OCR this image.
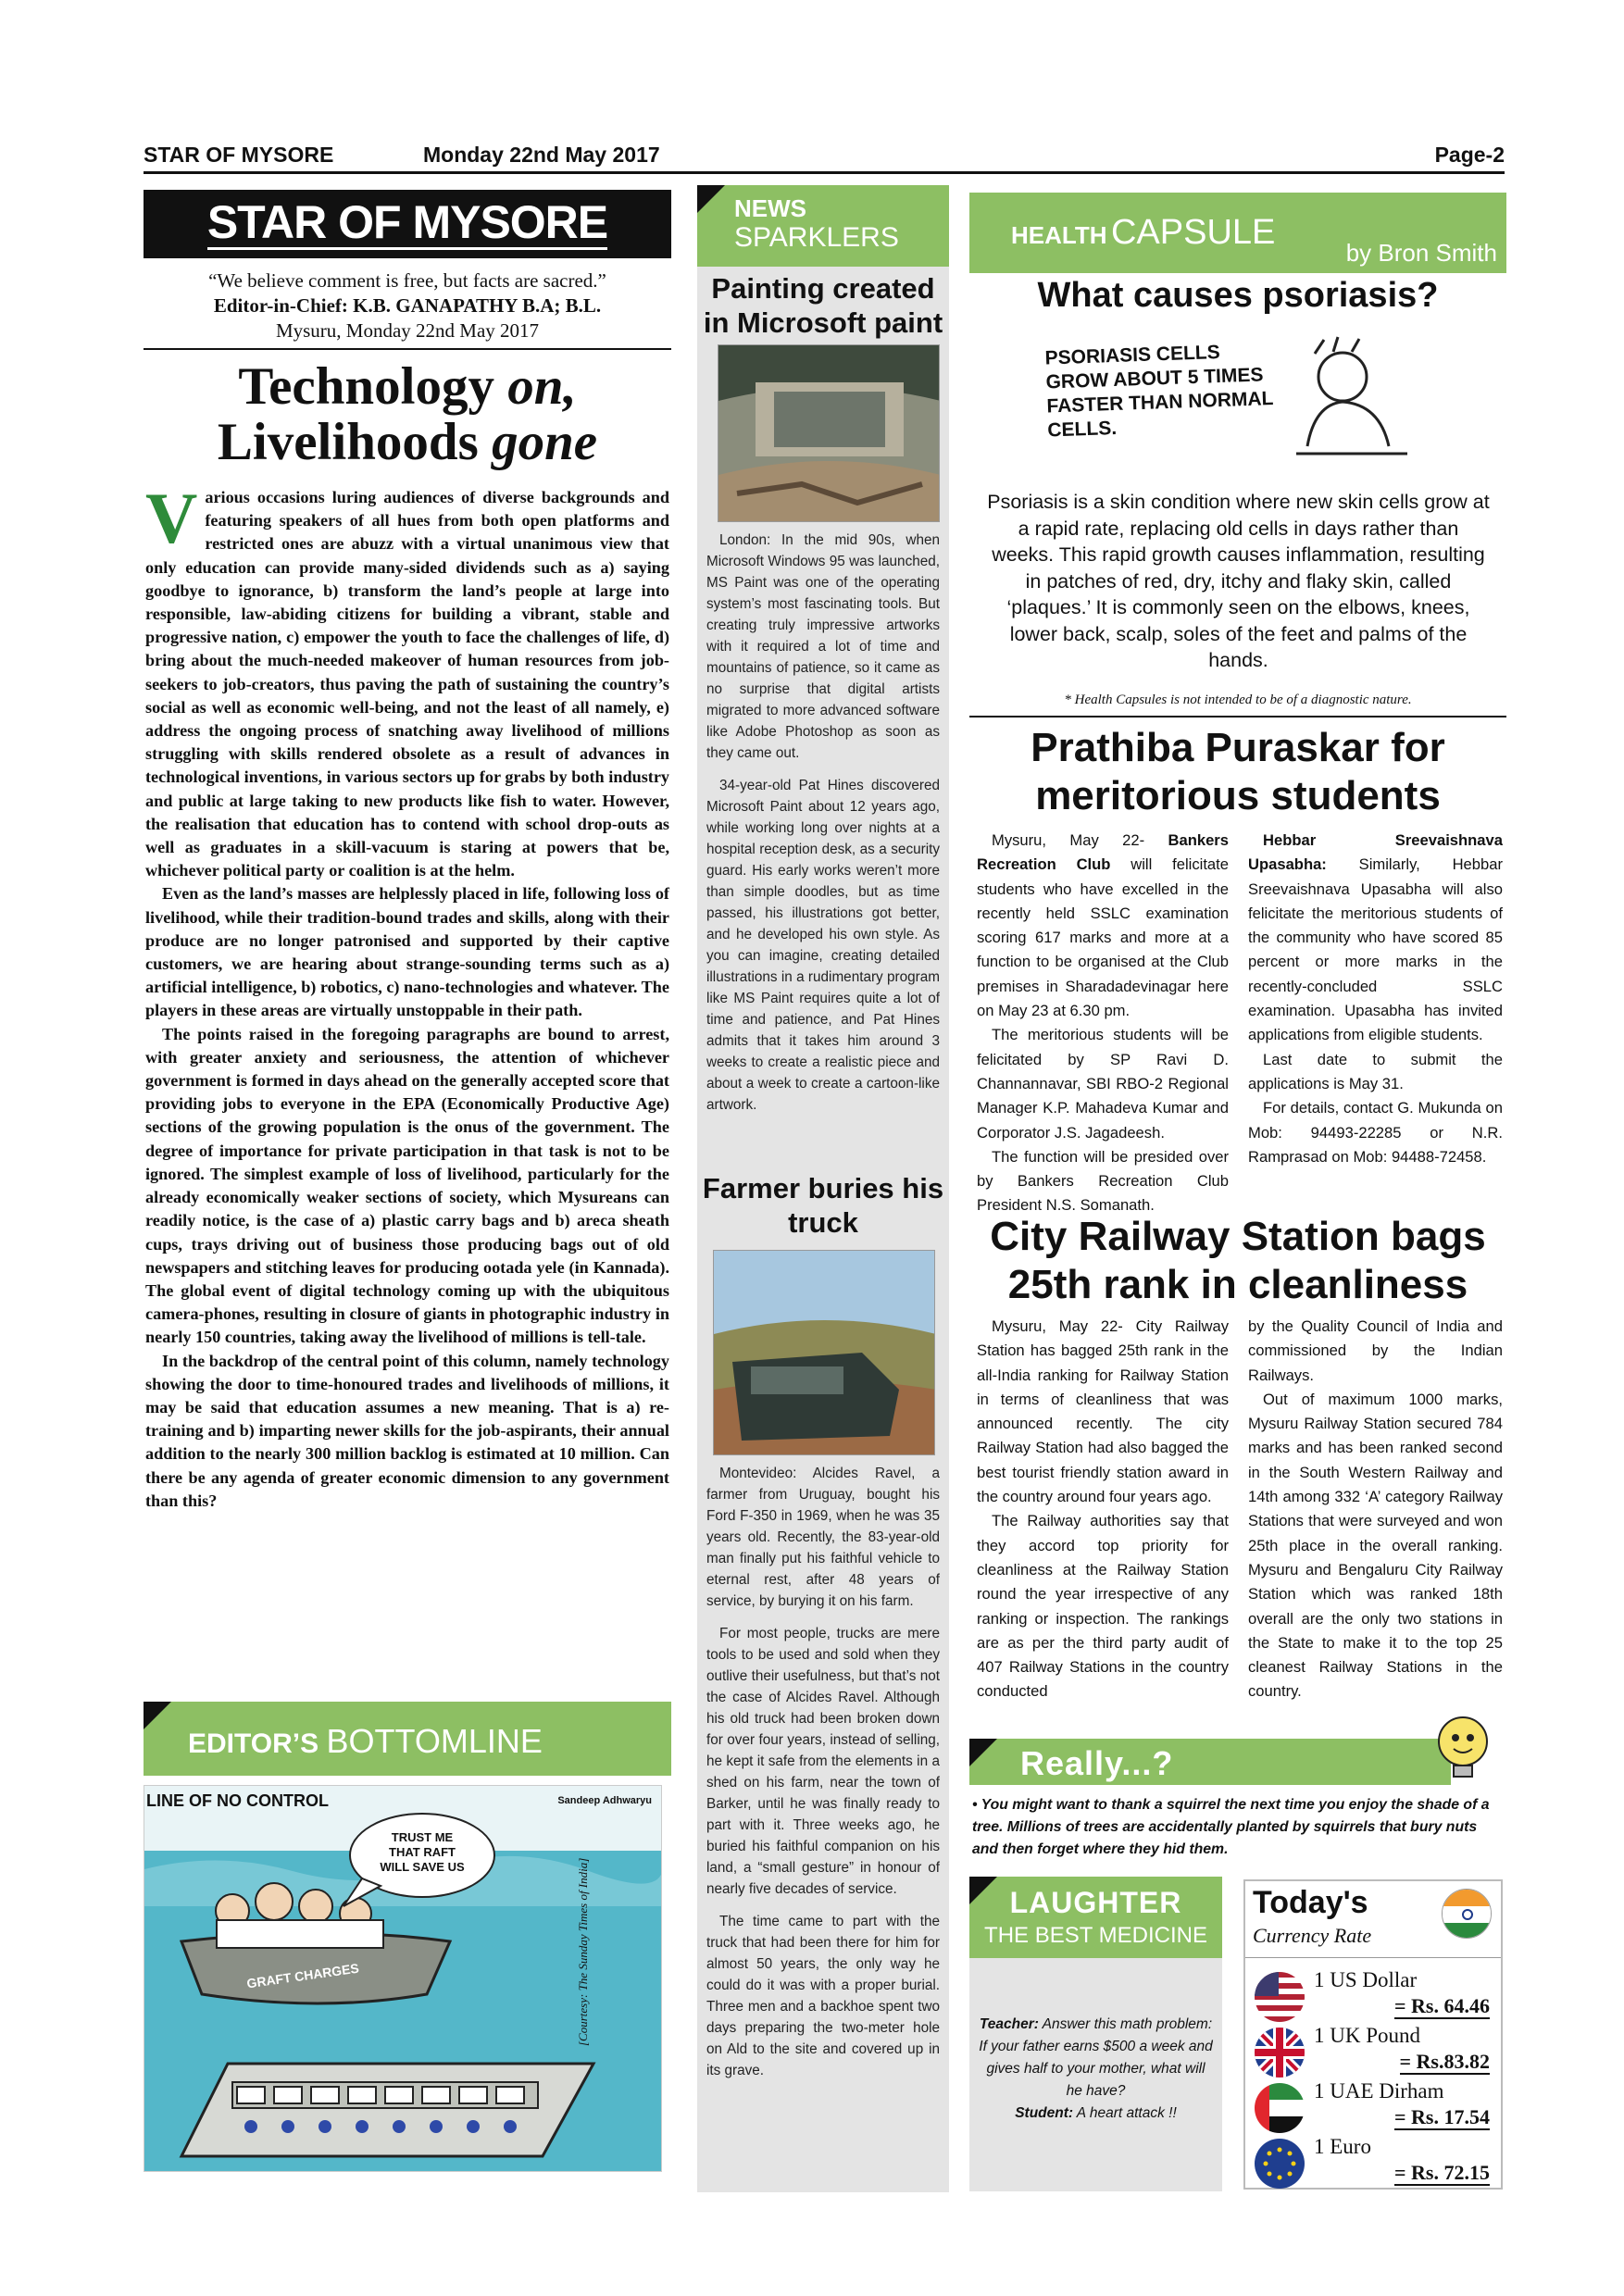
STAR OF MYSORE	Monday 22nd May 2017	Page-2
STAR OF MYSORE
“We believe comment is free, but facts are sacred.”
Editor-in-Chief: K.B. GANAPATHY B.A; B.L.
Mysuru, Monday 22nd May 2017
Technology on,
Livelihoods gone

Various occasions luring audiences of diverse backgrounds and featuring speakers of all hues from both open platforms and restricted ones are abuzz with a virtual unanimous view that only education can provide many-sided dividends such as a) saying goodbye to ignorance, b) transform the land’s people at large into responsible, law-abiding citizens for building a vibrant, stable and progressive nation, c) empower the youth to face the challenges of life, d) bring about the much-needed makeover of human resources from job-seekers to job-creators, thus paving the path of sustaining the country’s social as well as economic well-being, and not the least of all namely, e) address the ongoing process of snatching away livelihood of millions struggling with skills rendered obsolete as a result of advances in technological inventions, in various sectors up for grabs by both industry and public at large taking to new products like fish to water. However, the realisation that education has to contend with school drop-outs as well as graduates in a skill-vacuum is staring at powers that be, whichever political party or coalition is at the helm.

Even as the land’s masses are helplessly placed in life, following loss of livelihood, while their tradition-bound trades and skills, along with their produce are no longer patronised and supported by their captive customers, we are hearing about strange-sounding terms such as a) artificial intelligence, b) robotics, c) nano-technologies and whatever. The players in these areas are virtually unstoppable in their path.

The points raised in the foregoing paragraphs are bound to arrest, with greater anxiety and seriousness, the attention of whichever government is formed in days ahead on the generally accepted score that providing jobs to everyone in the EPA (Economically Productive Age) sections of the growing population is the onus of the government. The degree of importance for private participation in that task is not to be ignored. The simplest example of loss of livelihood, particularly for the already economically weaker sections of society, which Mysureans can readily notice, is the case of a) plastic carry bags and b) areca sheath cups, trays driving out of business those producing bags out of old newspapers and stitching leaves for producing ootada yele (in Kannada). The global event of digital technology coming up with the ubiquitous camera-phones, resulting in closure of giants in photographic industry in nearly 150 countries, taking away the livelihood of millions is tell-tale.

In the backdrop of the central point of this column, namely technology showing the door to time-honoured trades and livelihoods of millions, it may be said that education assumes a new meaning. That is a) re-training and b) imparting newer skills for the job-aspirants, their annual addition to the nearly 300 million backlog is estimated at 10 million. Can there be any agenda of greater economic dimension to any government than this?

EDITOR’S BOTTOMLINE
LINE OF NO CONTROL	Sandeep Adhwaryu
TRUST ME THAT RAFT WILL SAVE US
GRAFT CHARGES	[Courtesy: The Sunday Times of India]
NEWS
SPARKLERS
Painting created in Microsoft paint

London: In the mid 90s, when Microsoft Windows 95 was launched, MS Paint was one of the operating system’s most fascinating tools. But creating truly impressive artworks with it required a lot of time and mountains of patience, so it came as no surprise that digital artists migrated to more advanced software like Adobe Photoshop as soon as they came out.

34-year-old Pat Hines discovered Microsoft Paint about 12 years ago, while working long over nights at a hospital reception desk, as a security guard. His early works weren’t more than simple doodles, but as time passed, his illustrations got better, and he developed his own style. As you can imagine, creating detailed illustrations in a rudimentary program like MS Paint requires quite a lot of time and patience, and Pat Hines admits that it takes him around 3 weeks to create a realistic piece and about a week to create a cartoon-like artwork.

Farmer buries his truck

Montevideo: Alcides Ravel, a farmer from Uruguay, bought his Ford F-350 in 1969, when he was 35 years old. Recently, the 83-year-old man finally put his faithful vehicle to eternal rest, after 48 years of service, by burying it on his farm.

For most people, trucks are mere tools to be used and sold when they outlive their usefulness, but that’s not the case of Alcides Ravel. Although his old truck had been broken down for over four years, instead of selling, he kept it safe from the elements in a shed on his farm, near the town of Barker, until he was finally ready to part with it. Three weeks ago, he buried his faithful companion on his land, a “small gesture” in honour of nearly five decades of service.

The time came to part with the truck that had been there for him for almost 50 years, the only way he could do it was with a proper burial. Three men and a backhoe spent two days preparing the two-meter hole on Ald to the site and covered up in its grave.

HEALTH CAPSULE
by Bron Smith
What causes psoriasis?
PSORIASIS CELLS GROW ABOUT 5 TIMES FASTER THAN NORMAL CELLS.
Psoriasis is a skin condition where new skin cells grow at a rapid rate, replacing old cells in days rather than weeks. This rapid growth causes inflammation, resulting in patches of red, dry, itchy and flaky skin, called ‘plaques.’ It is commonly seen on the elbows, knees, lower back, scalp, soles of the feet and palms of the hands.
* Health Capsules is not intended to be of a diagnostic nature.
Prathiba Puraskar for meritorious students

Mysuru, May 22- Bankers Recreation Club will felicitate students who have excelled in the recently held SSLC examination scoring 617 marks and more at a function to be organised at the Club premises in Sharadadevinagar here on May 23 at 6.30 pm.

The meritorious students will be felicitated by SP Ravi D. Channannavar, SBI RBO-2 Regional Manager K.P. Mahadeva Kumar and Corporator J.S. Jagadeesh.

The function will be presided over by Bankers Recreation Club President N.S. Somanath.

Hebbar Sreevaishnava Upasabha: Similarly, Hebbar Sreevaishnava Upasabha will also felicitate the meritorious students of the community who have scored 85 percent or more marks in the recently-concluded SSLC examination. Upasabha has invited applications from eligible students.

Last date to submit the applications is May 31.

For details, contact G. Mukunda on Mob: 94493-22285 or N.R. Ramprasad on Mob: 94488-72458.

City Railway Station bags 25th rank in cleanliness

Mysuru, May 22- City Railway Station has bagged 25th rank in the all-India ranking for Railway Station in terms of cleanliness that was announced recently. The city Railway Station had also bagged the best tourist friendly station award in the country around four years ago.

The Railway authorities say that they accord top priority for cleanliness at the Railway Station round the year irrespective of any ranking or inspection. The rankings are as per the third party audit of 407 Railway Stations in the country conducted

by the Quality Council of India and commissioned by the Indian Railways.

Out of maximum 1000 marks, Mysuru Railway Station secured 784 marks and has been ranked second in the South Western Railway and 14th among 332 ‘A’ category Railway Stations that were surveyed and won 25th place in the overall ranking. Mysuru and Bengaluru City Railway Station which was ranked 18th overall are the only two stations in the State to make it to the top 25 cleanest Railway Stations in the country.

Really...?
• You might want to thank a squirrel the next time you enjoy the shade of a tree. Millions of trees are accidentally planted by squirrels that bury nuts and then forget where they hid them.
LAUGHTER
THE BEST MEDICINE
Teacher: Answer this math problem: If your father earns $500 a week and gives half to your mother, what will he have?
Student: A heart attack !!
Today's
Currency Rate
1 US Dollar
= Rs. 64.46
1 UK Pound
= Rs.83.82
1 UAE Dirham
= Rs. 17.54
1 Euro
= Rs. 72.15
